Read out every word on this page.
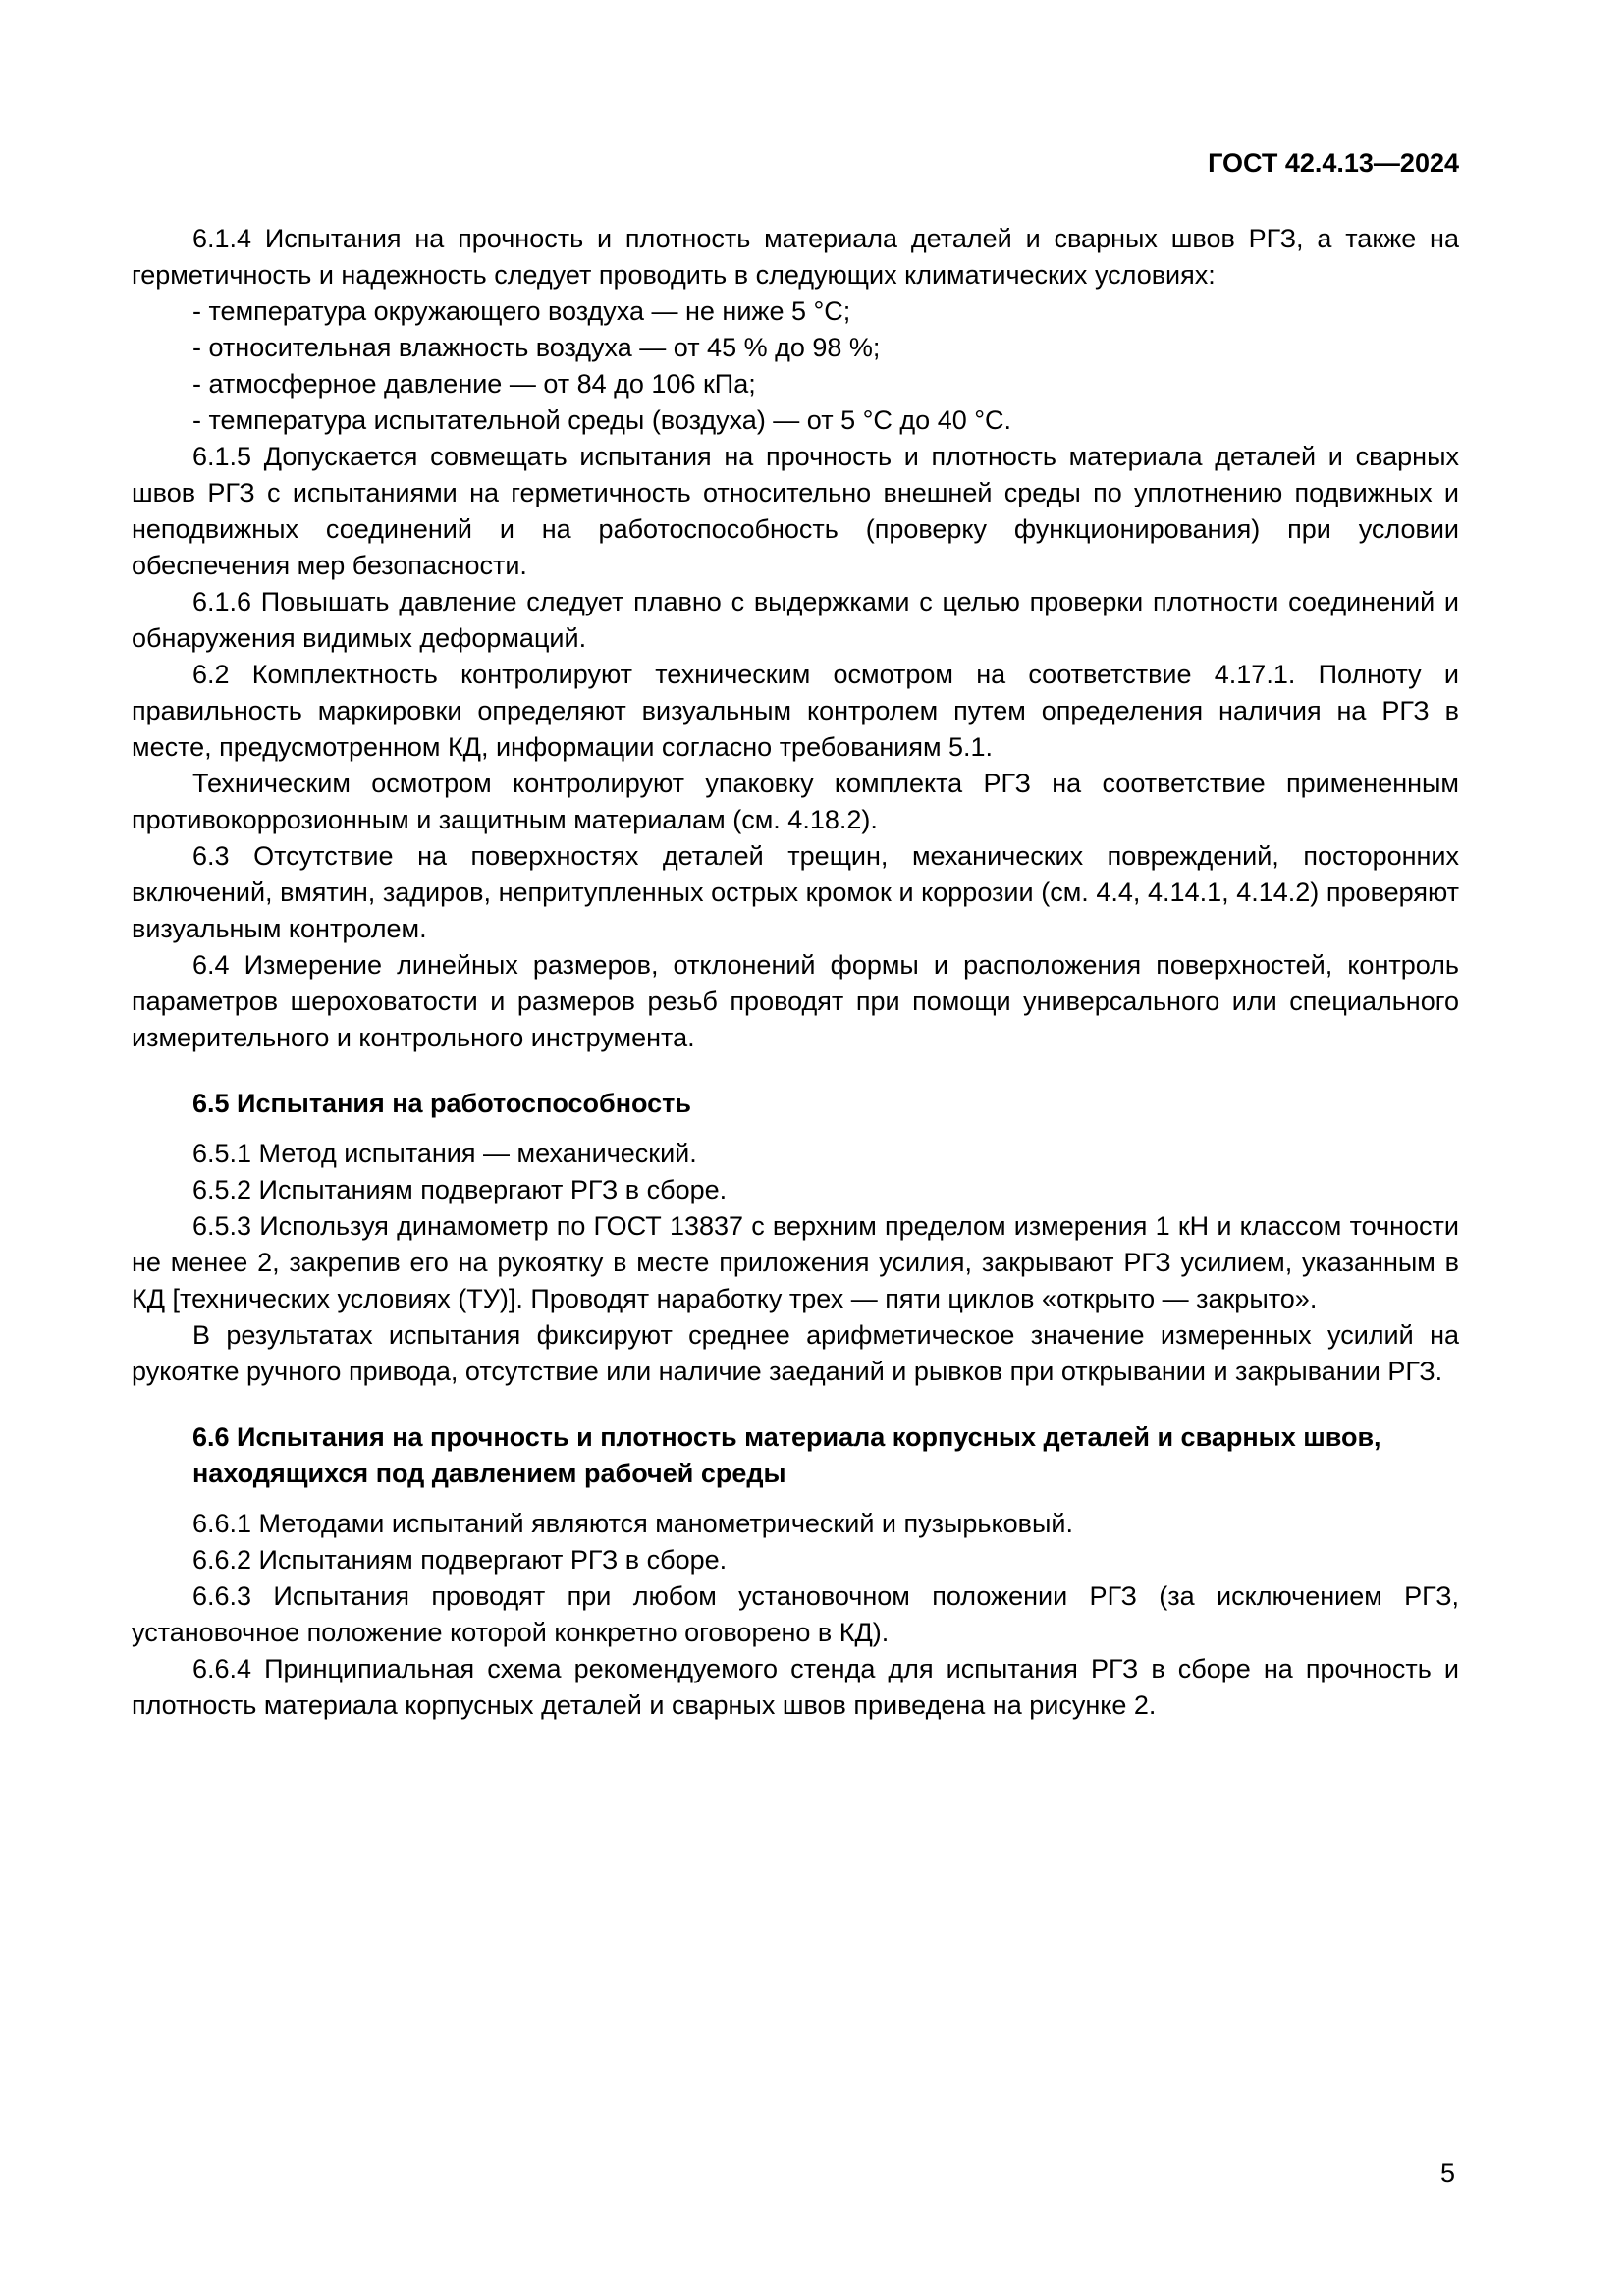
ГОСТ 42.4.13—2024

6.1.4 Испытания на прочность и плотность материала деталей и сварных швов РГЗ, а также на герметичность и надежность следует проводить в следующих климатических условиях:

- температура окружающего воздуха — не ниже 5 °С;

- относительная влажность воздуха — от 45 % до 98 %;

- атмосферное давление — от 84 до 106 кПа;

- температура испытательной среды (воздуха) — от 5 °С до 40 °С.

6.1.5 Допускается совмещать испытания на прочность и плотность материала деталей и сварных швов РГЗ с испытаниями на герметичность относительно внешней среды по уплотнению подвижных и неподвижных соединений и на работоспособность (проверку функционирования) при условии обеспечения мер безопасности.

6.1.6 Повышать давление следует плавно с выдержками с целью проверки плотности соединений и обнаружения видимых деформаций.

6.2 Комплектность контролируют техническим осмотром на соответствие 4.17.1. Полноту и правильность маркировки определяют визуальным контролем путем определения наличия на РГЗ в месте, предусмотренном КД, информации согласно требованиям 5.1.

Техническим осмотром контролируют упаковку комплекта РГЗ на соответствие примененным противокоррозионным и защитным материалам (см. 4.18.2).

6.3 Отсутствие на поверхностях деталей трещин, механических повреждений, посторонних включений, вмятин, задиров, непритупленных острых кромок и коррозии (см. 4.4, 4.14.1, 4.14.2) проверяют визуальным контролем.

6.4 Измерение линейных размеров, отклонений формы и расположения поверхностей, контроль параметров шероховатости и размеров резьб проводят при помощи универсального или специального измерительного и контрольного инструмента.

6.5 Испытания на работоспособность

6.5.1 Метод испытания — механический.

6.5.2 Испытаниям подвергают РГЗ в сборе.

6.5.3 Используя динамометр по ГОСТ 13837 с верхним пределом измерения 1 кН и классом точности не менее 2, закрепив его на рукоятку в месте приложения усилия, закрывают РГЗ усилием, указанным в КД [технических условиях (ТУ)]. Проводят наработку трех — пяти циклов «открыто — закрыто».

В результатах испытания фиксируют среднее арифметическое значение измеренных усилий на рукоятке ручного привода, отсутствие или наличие заеданий и рывков при открывании и закрывании РГЗ.

6.6 Испытания на прочность и плотность материала корпусных деталей и сварных швов, находящихся под давлением рабочей среды

6.6.1 Методами испытаний являются манометрический и пузырьковый.

6.6.2 Испытаниям подвергают РГЗ в сборе.

6.6.3 Испытания проводят при любом установочном положении РГЗ (за исключением РГЗ, установочное положение которой конкретно оговорено в КД).

6.6.4 Принципиальная схема рекомендуемого стенда для испытания РГЗ в сборе на прочность и плотность материала корпусных деталей и сварных швов приведена на рисунке 2.

5
